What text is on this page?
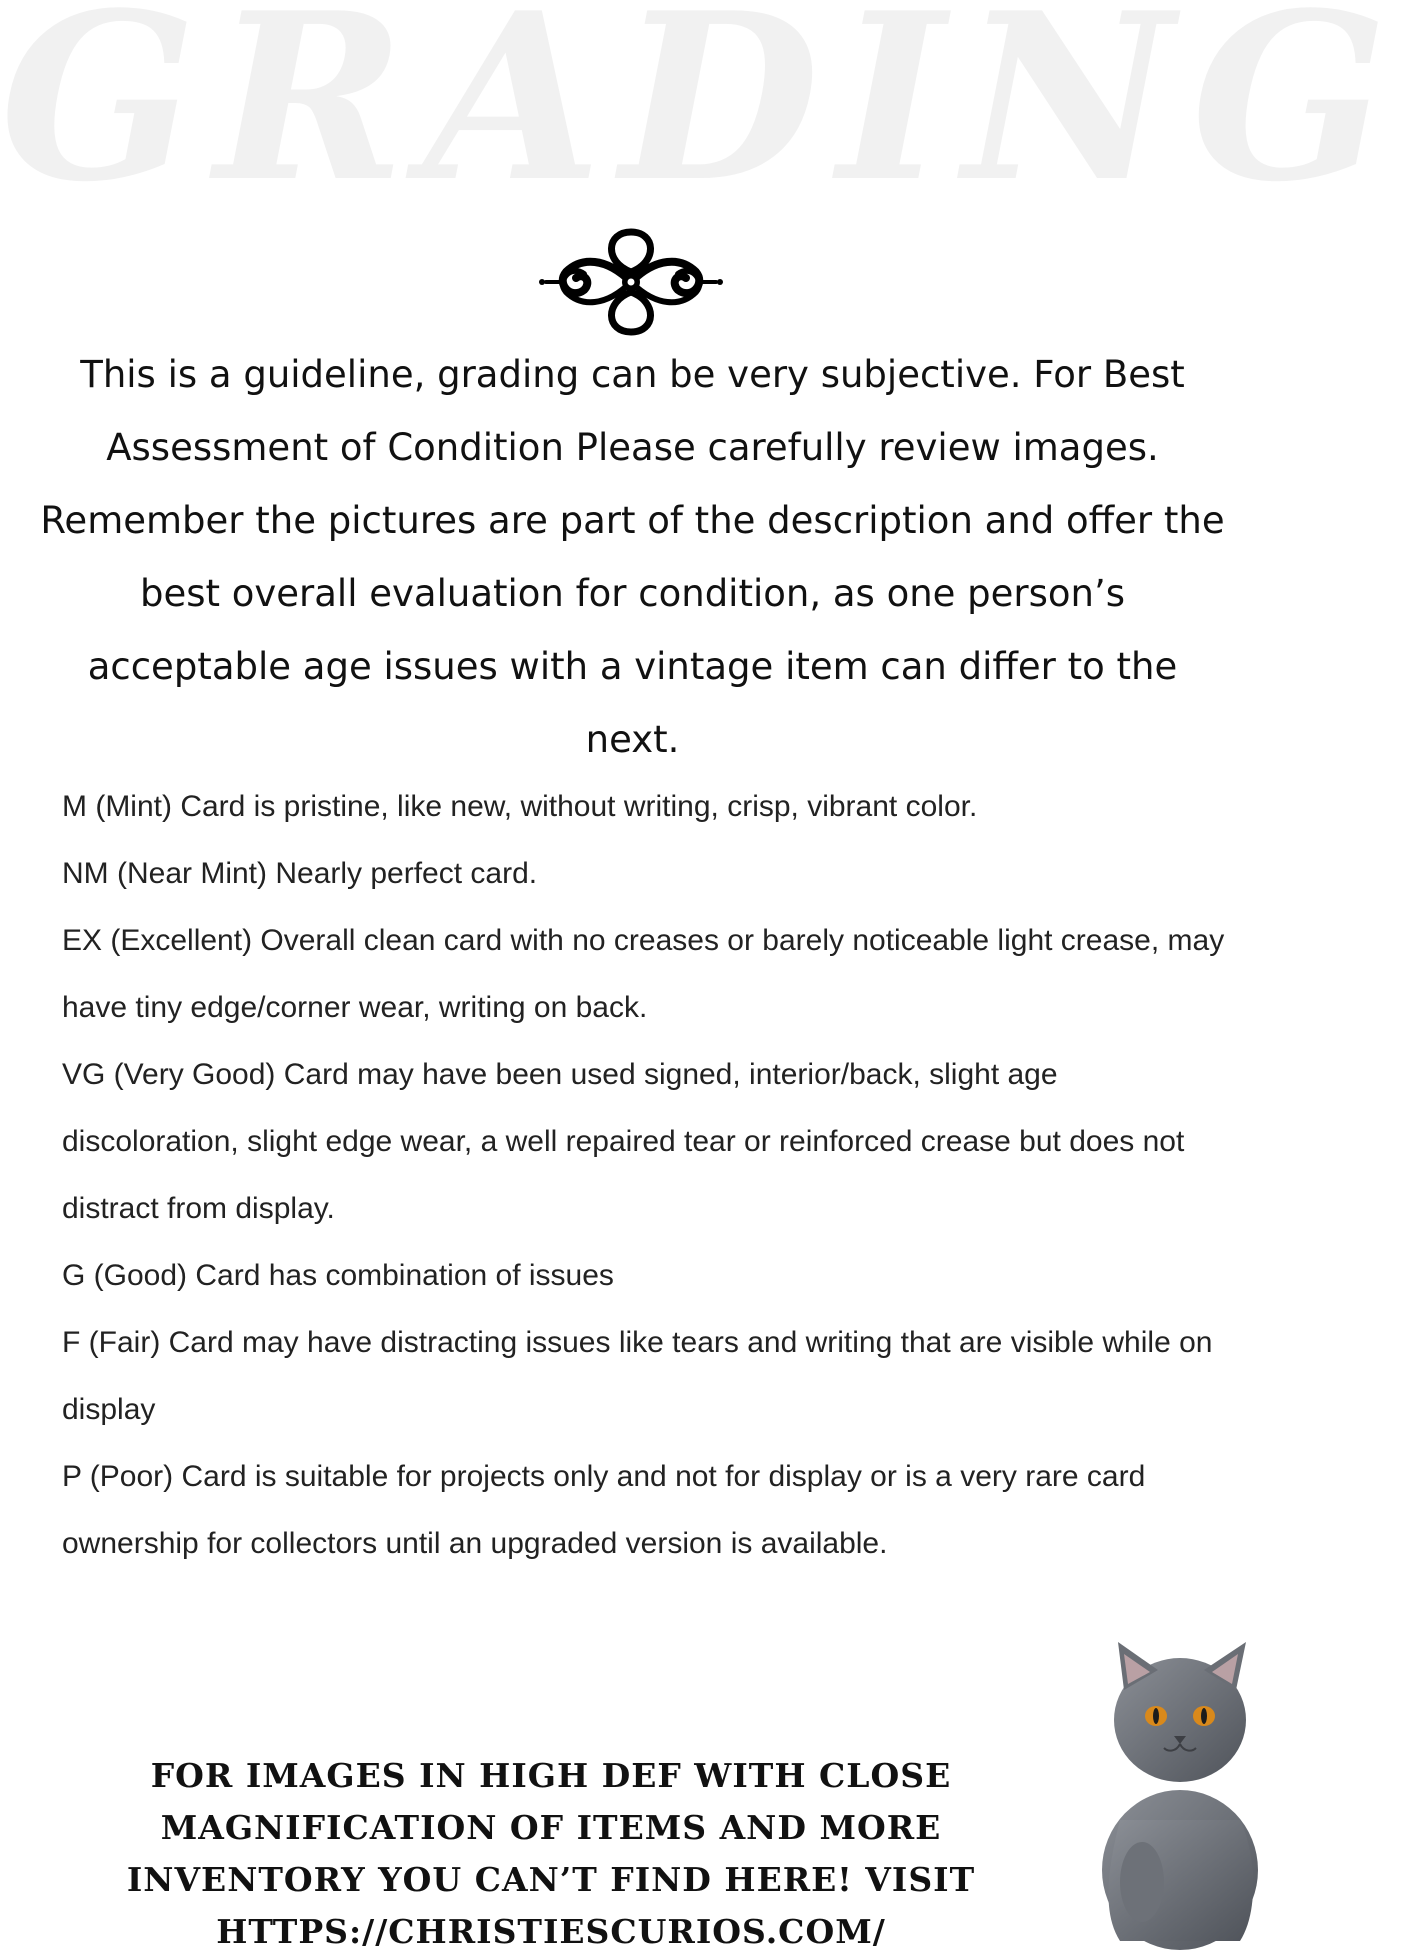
GRADING

This is a guideline, grading can be very subjective. For Best Assessment of Condition Please carefully review images. Remember the pictures are part of the description and offer the best overall evaluation for condition, as one person’s acceptable age issues with a vintage item can differ to the next.

M (Mint) Card is pristine, like new, without writing, crisp, vibrant color.
NM (Near Mint) Nearly perfect card.
EX (Excellent) Overall clean card with no creases or barely noticeable light crease, may have tiny edge/corner wear, writing on back.
VG (Very Good) Card may have been used signed, interior/back, slight age discoloration, slight edge wear, a well repaired tear or reinforced crease but does not distract from display.
G (Good) Card has combination of issues
F (Fair) Card may have distracting issues like tears and writing that are visible while on display
P (Poor) Card is suitable for projects only and not for display or is a very rare card ownership for collectors until an upgraded version is available.

FOR IMAGES IN HIGH DEF WITH CLOSE MAGNIFICATION OF ITEMS AND MORE INVENTORY YOU CAN’T FIND HERE! VISIT HTTPS://CHRISTIESCURIOS.COM/
